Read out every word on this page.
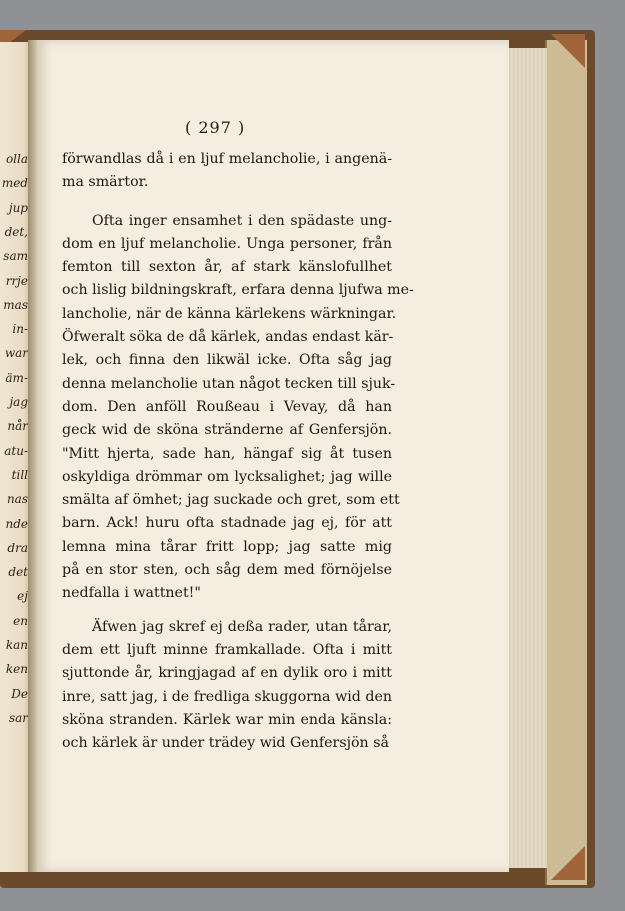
olla
med
jup
det,
sam
rrje
mas
in-
war
äm-
jag
når
atu-
till
nas
nde
dra
det
ej
en
kan
ken
De
sar
( 297 )
förwandlas då i en ljuf melancholie, i angenä-
ma smärtor.
Ofta inger ensamhet i den spädaste ung-
dom en ljuf melancholie. Unga personer, från
femton till sexton år, af stark känslofullhet
och lislig bildningskraft, erfara denna ljufwa me-
lancholie, när de känna kärlekens wärkningar.
Öfweralt söka de då kärlek, andas endast kär-
lek, och finna den likwäl icke. Ofta såg jag
denna melancholie utan något tecken till sjuk-
dom. Den anföll Roußeau i Vevay, då han
geck wid de sköna stränderne af Genfersjön.
"Mitt hjerta, sade han, hängaf sig åt tusen
oskyldiga drömmar om lycksalighet; jag wille
smälta af ömhet; jag suckade och gret, som ett
barn. Ack! huru ofta stadnade jag ej, för att
lemna mina tårar fritt lopp; jag satte mig
på en stor sten, och såg dem med förnöjelse
nedfalla i wattnet!"
Äfwen jag skref ej deßa rader, utan tårar,
dem ett ljuft minne framkallade. Ofta i mitt
sjuttonde år, kringjagad af en dylik oro i mitt
inre, satt jag, i de fredliga skuggorna wid den
sköna stranden. Kärlek war min enda känsla:
och kärlek är under trädey wid Genfersjön så
